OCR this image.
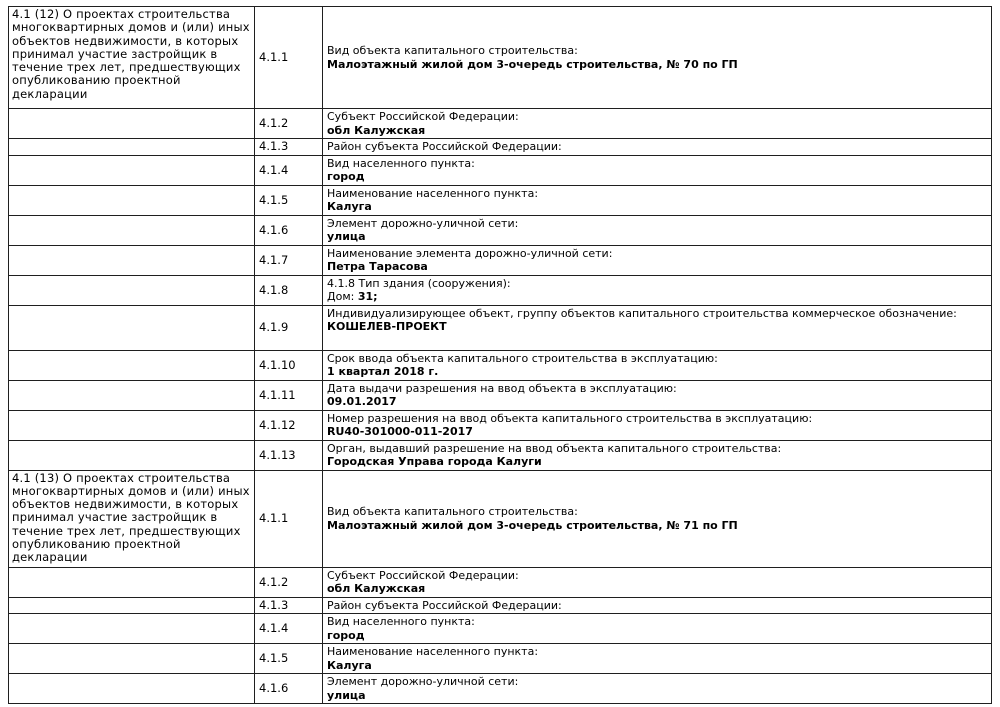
4.1 (12) О проектах строительства многоквартирных домов и (или) иных объектов недвижимости, в которых принимал участие застройщик в течение трех лет, предшествующих опубликованию проектной декларации	4.1.1	Вид объекта капитального строительства:
Малоэтажный жилой дом 3-очередь строительства, № 70 по ГП

	4.1.2	Субъект Российской Федерации:
обл Калужская

	4.1.3	Район субъекта Российской Федерации:

	4.1.4	Вид населенного пункта:
город

	4.1.5	Наименование населенного пункта:
Калуга

	4.1.6	Элемент дорожно-уличной сети:
улица

	4.1.7	Наименование элемента дорожно-уличной сети:
Петра Тарасова

	4.1.8	4.1.8 Тип здания (сооружения):
Дом: 31;

	4.1.9	Индивидуализирующее объект, группу объектов капитального строительства коммерческое обозначение:
КОШЕЛЕВ-ПРОЕКТ

	4.1.10	Срок ввода объекта капитального строительства в эксплуатацию:
1 квартал 2018 г.

	4.1.11	Дата выдачи разрешения на ввод объекта в эксплуатацию:
09.01.2017

	4.1.12	Номер разрешения на ввод объекта капитального строительства в эксплуатацию:
RU40-301000-011-2017

	4.1.13	Орган, выдавший разрешение на ввод объекта капитального строительства:
Городская Управа города Калуги

4.1 (13) О проектах строительства многоквартирных домов и (или) иных объектов недвижимости, в которых принимал участие застройщик в течение трех лет, предшествующих опубликованию проектной декларации	4.1.1	Вид объекта капитального строительства:
Малоэтажный жилой дом 3-очередь строительства, № 71 по ГП

	4.1.2	Субъект Российской Федерации:
обл Калужская

	4.1.3	Район субъекта Российской Федерации:

	4.1.4	Вид населенного пункта:
город

	4.1.5	Наименование населенного пункта:
Калуга

	4.1.6	Элемент дорожно-уличной сети:
улица
